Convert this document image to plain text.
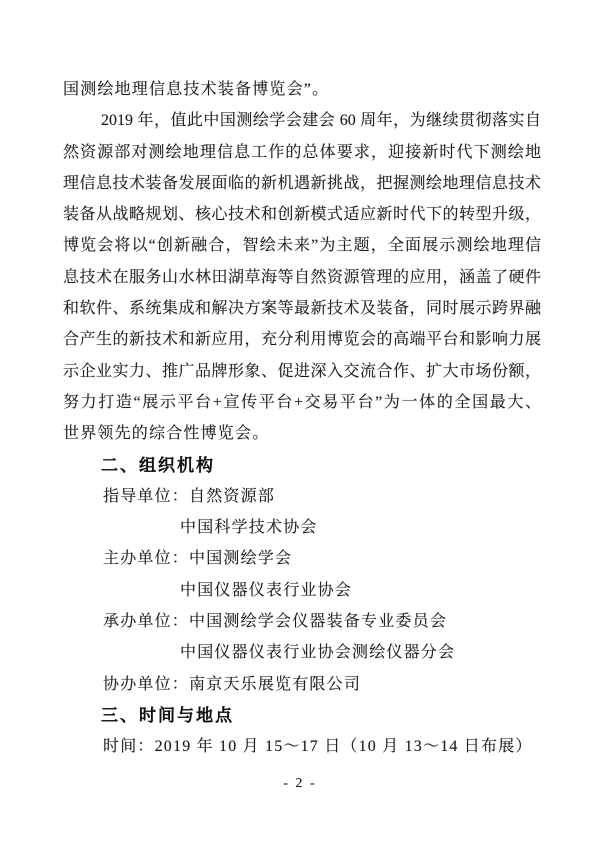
国测绘地理信息技术装备博览会”。
2019 年，值此中国测绘学会建会 60 周年，为继续贯彻落实自
然资源部对测绘地理信息工作的总体要求，迎接新时代下测绘地
理信息技术装备发展面临的新机遇新挑战，把握测绘地理信息技术
装备从战略规划、核心技术和创新模式适应新时代下的转型升级，
博览会将以“创新融合，智绘未来”为主题，全面展示测绘地理信
息技术在服务山水林田湖草海等自然资源管理的应用，涵盖了硬件
和软件、系统集成和解决方案等最新技术及装备，同时展示跨界融
合产生的新技术和新应用，充分利用博览会的高端平台和影响力展
示企业实力、推广品牌形象、促进深入交流合作、扩大市场份额，
努力打造“展示平台+宣传平台+交易平台”为一体的全国最大、
世界领先的综合性博览会。
二、组织机构
指导单位：自然资源部
中国科学技术协会
主办单位：中国测绘学会
中国仪器仪表行业协会
承办单位：中国测绘学会仪器装备专业委员会
中国仪器仪表行业协会测绘仪器分会
协办单位：南京天乐展览有限公司
三、时间与地点
时间：2019 年 10 月 15～17 日（10 月 13～14 日布展）
- 2 -
